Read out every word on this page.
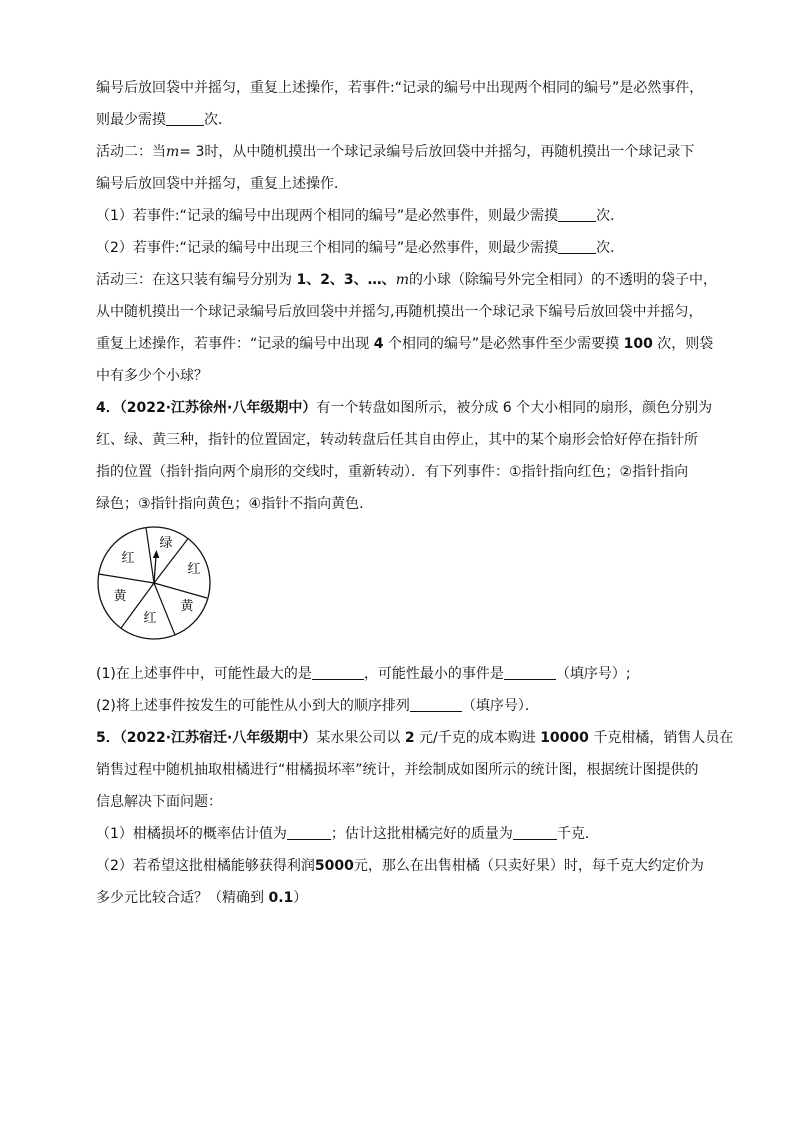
编号后放回袋中并摇匀，重复上述操作，若事件:“记录的编号中出现两个相同的编号”是必然事件，

则最少需摸	次．

活动二：当m= 3时，从中随机摸出一个球记录编号后放回袋中并摇匀，再随机摸出一个球记录下

编号后放回袋中并摇匀，重复上述操作．

（1）若事件:“记录的编号中出现两个相同的编号”是必然事件，则最少需摸	次．

（2）若事件:“记录的编号中出现三个相同的编号”是必然事件，则最少需摸	次．

活动三：在这只装有编号分别为 1、2、3、…、m的小球（除编号外完全相同）的不透明的袋子中，

从中随机摸出一个球记录编号后放回袋中并摇匀,再随机摸出一个球记录下编号后放回袋中并摇匀，

重复上述操作，若事件：“记录的编号中出现 4 个相同的编号”是必然事件至少需要摸 100 次，则袋

中有多少个小球？

4．（2022·江苏徐州·八年级期中）有一个转盘如图所示，被分成 6 个大小相同的扇形，颜色分别为

红、绿、黄三种，指针的位置固定，转动转盘后任其自由停止，其中的某个扇形会恰好停在指针所

指的位置（指针指向两个扇形的交线时，重新转动）．有下列事件：①指针指向红色；②指针指向

绿色；③指针指向黄色；④指针不指向黄色．

(1)在上述事件中，可能性最大的是	，可能性最小的事件是	（填序号）;

(2)将上述事件按发生的可能性从小到大的顺序排列	（填序号）．

5．（2022·江苏宿迁·八年级期中）某水果公司以 2 元/千克的成本购进 10000 千克柑橘，销售人员在

销售过程中随机抽取柑橘进行“柑橘损坏率”统计，并绘制成如图所示的统计图，根据统计图提供的

信息解决下面问题：

（1）柑橘损坏的概率估计值为	；估计这批柑橘完好的质量为	千克．

（2）若希望这批柑橘能够获得利润5000元，那么在出售柑橘（只卖好果）时，每千克大约定价为

多少元比较合适？（精确到 0.1）

绿
红
黄
红
黄
红
